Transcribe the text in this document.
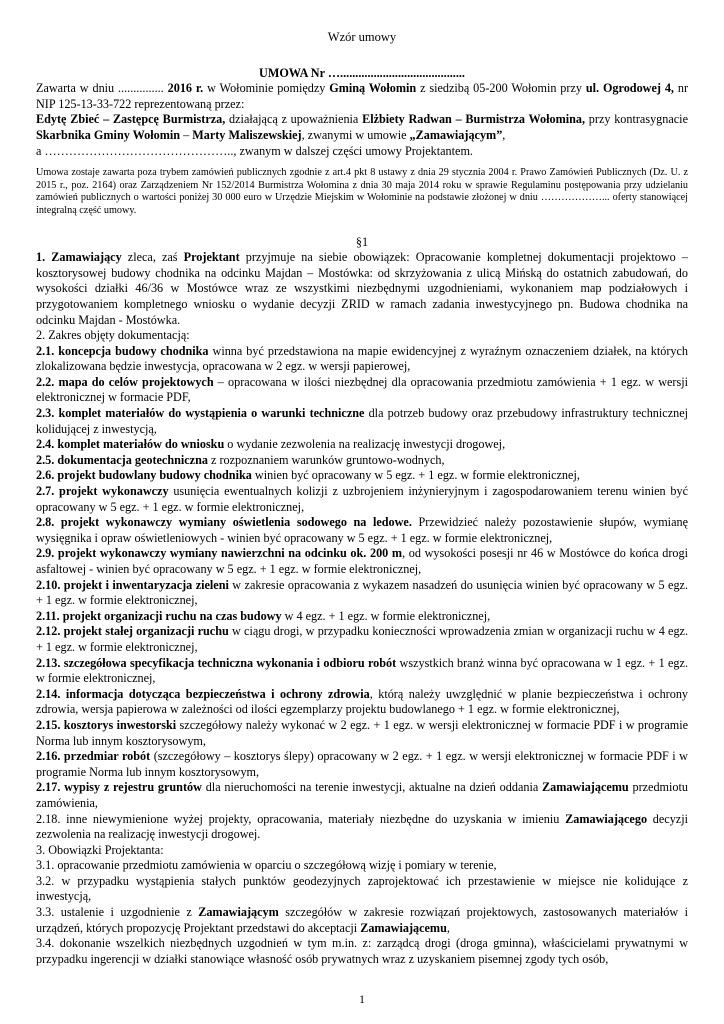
Wzór umowy

UMOWA Nr ….........................................

Zawarta w dniu ............... 2016 r. w Wołominie pomiędzy Gminą Wołomin z siedzibą 05-200 Wołomin przy ul. Ogrodowej 4, nr NIP 125-13-33-722 reprezentowaną przez:
Edytę Zbieć – Zastępcę Burmistrza, działającą z upoważnienia Elżbiety Radwan – Burmistrza Wołomina, przy kontrasygnacie Skarbnika Gminy Wołomin – Marty Maliszewskiej, zwanymi w umowie „Zamawiającym”,
a ……………………………………….., zwanym w dalszej części umowy Projektantem.

Umowa zostaje zawarta poza trybem zamówień publicznych zgodnie z art.4 pkt 8 ustawy z dnia 29 stycznia 2004 r. Prawo Zamówień Publicznych (Dz. U. z 2015 r., poz. 2164) oraz Zarządzeniem Nr 152/2014 Burmistrza Wołomina z dnia 30 maja 2014 roku w sprawie Regulaminu postępowania przy udzielaniu zamówień publicznych o wartości poniżej 30 000 euro w Urzędzie Miejskim w Wołominie na podstawie złożonej w dniu ………………... oferty stanowiącej integralną część umowy.

§1

1. Zamawiający zleca, zaś Projektant przyjmuje na siebie obowiązek: Opracowanie kompletnej dokumentacji projektowo – kosztorysowej budowy chodnika na odcinku Majdan – Mostówka: od skrzyżowania z ulicą Mińską do ostatnich zabudowań, do wysokości działki 46/36 w Mostówce wraz ze wszystkimi niezbędnymi uzgodnieniami, wykonaniem map podziałowych i przygotowaniem kompletnego wniosku o wydanie decyzji ZRID w ramach zadania inwestycyjnego pn. Budowa chodnika na odcinku Majdan - Mostówka.

2. Zakres objęty dokumentacją:

2.1. koncepcja budowy chodnika winna być przedstawiona na mapie ewidencyjnej z wyraźnym oznaczeniem działek, na których zlokalizowana będzie inwestycja, opracowana w 2 egz. w wersji papierowej,

2.2. mapa do celów projektowych – opracowana w ilości niezbędnej dla opracowania przedmiotu zamówienia + 1 egz. w wersji elektronicznej w formacie PDF,

2.3. komplet materiałów do wystąpienia o warunki techniczne dla potrzeb budowy oraz przebudowy infrastruktury technicznej kolidującej z inwestycją,

2.4. komplet materiałów do wniosku o wydanie zezwolenia na realizację inwestycji drogowej,

2.5. dokumentacja geotechniczna z rozpoznaniem warunków gruntowo-wodnych,

2.6. projekt budowlany budowy chodnika winien być opracowany w 5 egz. + 1 egz. w formie elektronicznej,

2.7. projekt wykonawczy usunięcia ewentualnych kolizji z uzbrojeniem inżynieryjnym i zagospodarowaniem terenu winien być opracowany w 5 egz. + 1 egz. w formie elektronicznej,

2.8. projekt wykonawczy wymiany oświetlenia sodowego na ledowe. Przewidzieć należy pozostawienie słupów, wymianę wysięgnika i opraw oświetleniowych - winien być opracowany w 5 egz. + 1 egz. w formie elektronicznej,

2.9. projekt wykonawczy wymiany nawierzchni na odcinku ok. 200 m, od wysokości posesji nr 46 w Mostówce do końca drogi asfaltowej - winien być opracowany w 5 egz. + 1 egz. w formie elektronicznej,

2.10. projekt i inwentaryzacja zieleni w zakresie opracowania z wykazem nasadzeń do usunięcia winien być opracowany w 5 egz. + 1 egz. w formie elektronicznej,

2.11. projekt organizacji ruchu na czas budowy w 4 egz. + 1 egz. w formie elektronicznej,

2.12. projekt stałej organizacji ruchu w ciągu drogi, w przypadku konieczności wprowadzenia zmian w organizacji ruchu w 4 egz. + 1 egz. w formie elektronicznej,

2.13. szczegółowa specyfikacja techniczna wykonania i odbioru robót wszystkich branż winna być opracowana w 1 egz. + 1 egz. w formie elektronicznej,

2.14. informacja dotycząca bezpieczeństwa i ochrony zdrowia, którą należy uwzględnić w planie bezpieczeństwa i ochrony zdrowia, wersja papierowa w zależności od ilości egzemplarzy projektu budowlanego + 1 egz. w formie elektronicznej,

2.15. kosztorys inwestorski szczegółowy należy wykonać w 2 egz. + 1 egz. w wersji elektronicznej w formacie PDF i w programie Norma lub innym kosztorysowym,

2.16. przedmiar robót (szczegółowy – kosztorys ślepy) opracowany w 2 egz. + 1 egz. w wersji elektronicznej w formacie PDF i w programie Norma lub innym kosztorysowym,

2.17. wypisy z rejestru gruntów dla nieruchomości na terenie inwestycji, aktualne na dzień oddania Zamawiającemu przedmiotu zamówienia,

2.18. inne niewymienione wyżej projekty, opracowania, materiały niezbędne do uzyskania w imieniu Zamawiającego decyzji zezwolenia na realizację inwestycji drogowej.

3. Obowiązki Projektanta:

3.1. opracowanie przedmiotu zamówienia w oparciu o szczegółową wizję i pomiary w terenie,

3.2. w przypadku wystąpienia stałych punktów geodezyjnych zaprojektować ich przestawienie w miejsce nie kolidujące z inwestycją,

3.3. ustalenie i uzgodnienie z Zamawiającym szczegółów w zakresie rozwiązań projektowych, zastosowanych materiałów i urządzeń, których propozycję Projektant przedstawi do akceptacji Zamawiającemu,

3.4. dokonanie wszelkich niezbędnych uzgodnień w tym m.in. z: zarządcą drogi (droga gminna), właścicielami prywatnymi w przypadku ingerencji w działki stanowiące własność osób prywatnych wraz z uzyskaniem pisemnej zgody tych osób,

1
